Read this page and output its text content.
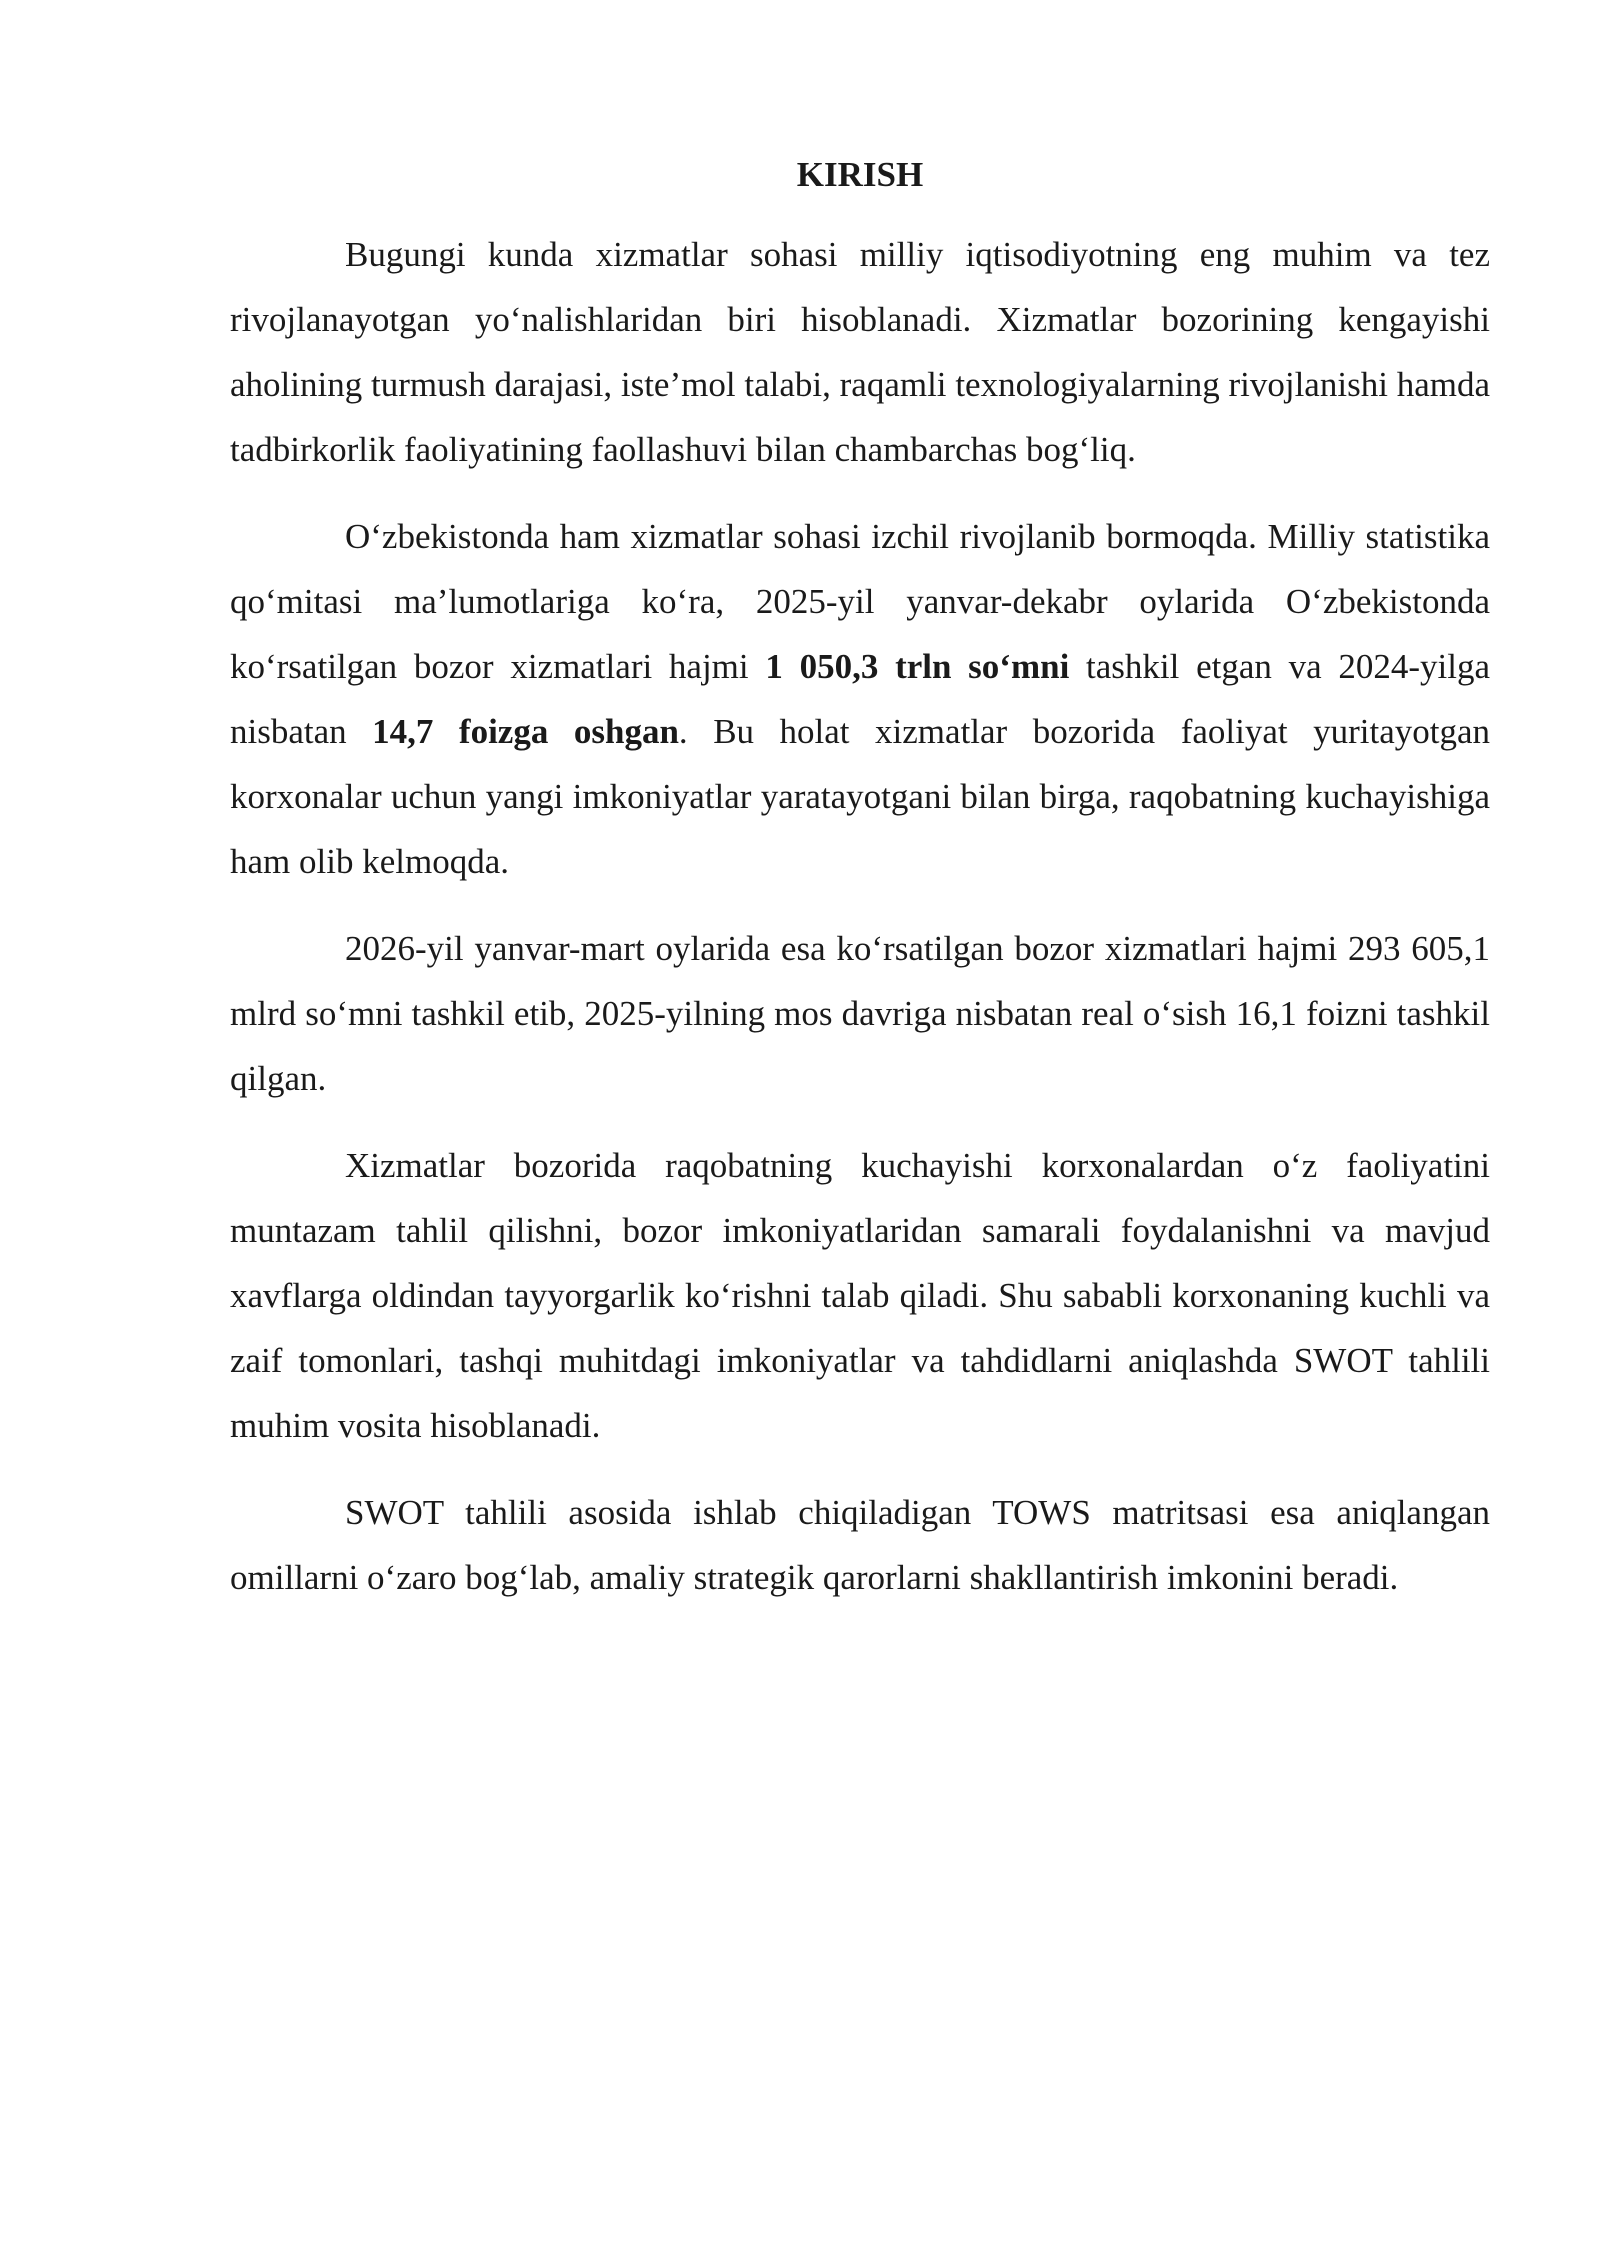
KIRISH

Bugungi kunda xizmatlar sohasi milliy iqtisodiyotning eng muhim va tez rivojlanayotgan yo‘nalishlaridan biri hisoblanadi. Xizmatlar bozorining kengayishi aholining turmush darajasi, iste’mol talabi, raqamli texnologiyalarning rivojlanishi hamda tadbirkorlik faoliyatining faollashuvi bilan chambarchas bog‘liq.

O‘zbekistonda ham xizmatlar sohasi izchil rivojlanib bormoqda. Milliy statistika qo‘mitasi ma’lumotlariga ko‘ra, 2025-yil yanvar-dekabr oylarida O‘zbekistonda ko‘rsatilgan bozor xizmatlari hajmi 1 050,3 trln so‘mni tashkil etgan va 2024-yilga nisbatan 14,7 foizga oshgan. Bu holat xizmatlar bozorida faoliyat yuritayotgan korxonalar uchun yangi imkoniyatlar yaratayotgani bilan birga, raqobatning kuchayishiga ham olib kelmoqda.

2026-yil yanvar-mart oylarida esa ko‘rsatilgan bozor xizmatlari hajmi 293 605,1 mlrd so‘mni tashkil etib, 2025-yilning mos davriga nisbatan real o‘sish 16,1 foizni tashkil qilgan.

Xizmatlar bozorida raqobatning kuchayishi korxonalardan o‘z faoliyatini muntazam tahlil qilishni, bozor imkoniyatlaridan samarali foydalanishni va mavjud xavflarga oldindan tayyorgarlik ko‘rishni talab qiladi. Shu sababli korxonaning kuchli va zaif tomonlari, tashqi muhitdagi imkoniyatlar va tahdidlarni aniqlashda SWOT tahlili muhim vosita hisoblanadi.

SWOT tahlili asosida ishlab chiqiladigan TOWS matritsasi esa aniqlangan omillarni o‘zaro bog‘lab, amaliy strategik qarorlarni shakllantirish imkonini beradi.
